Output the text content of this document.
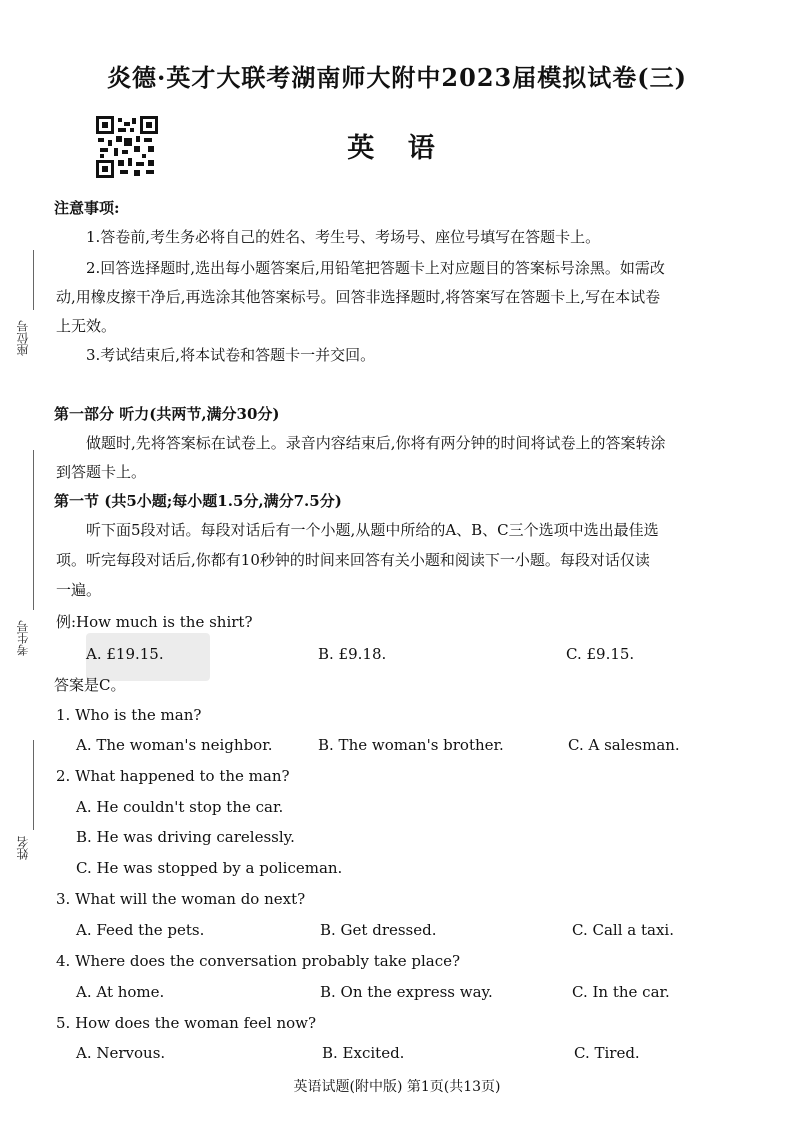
炎德·英才大联考湖南师大附中2023届模拟试卷(三)
英 语
注意事项:
1.答卷前,考生务必将自己的姓名、考生号、考场号、座位号填写在答题卡上。
2.回答选择题时,选出每小题答案后,用铅笔把答题卡上对应题目的答案标号涂黑。如需改
动,用橡皮擦干净后,再选涂其他答案标号。回答非选择题时,将答案写在答题卡上,写在本试卷
上无效。
3.考试结束后,将本试卷和答题卡一并交回。
第一部分 听力(共两节,满分30分)
做题时,先将答案标在试卷上。录音内容结束后,你将有两分钟的时间将试卷上的答案转涂
到答题卡上。
第一节 (共5小题;每小题1.5分,满分7.5分)
听下面5段对话。每段对话后有一个小题,从题中所给的A、B、C三个选项中选出最佳选
项。听完每段对话后,你都有10秒钟的时间来回答有关小题和阅读下一小题。每段对话仅读
一遍。
例:How much is the shirt?
A. £19.15.	B. £9.18.	C. £9.15.
答案是C。
1. Who is the man?
A. The woman's neighbor.	B. The woman's brother.	C. A salesman.
2. What happened to the man?
A. He couldn't stop the car.
B. He was driving carelessly.
C. He was stopped by a policeman.
3. What will the woman do next?
A. Feed the pets.	B. Get dressed.	C. Call a taxi.
4. Where does the conversation probably take place?
A. At home.	B. On the express way.	C. In the car.
5. How does the woman feel now?
A. Nervous.	B. Excited.	C. Tired.
座位号
考生号
姓名
英语试题(附中版) 第1页(共13页)
